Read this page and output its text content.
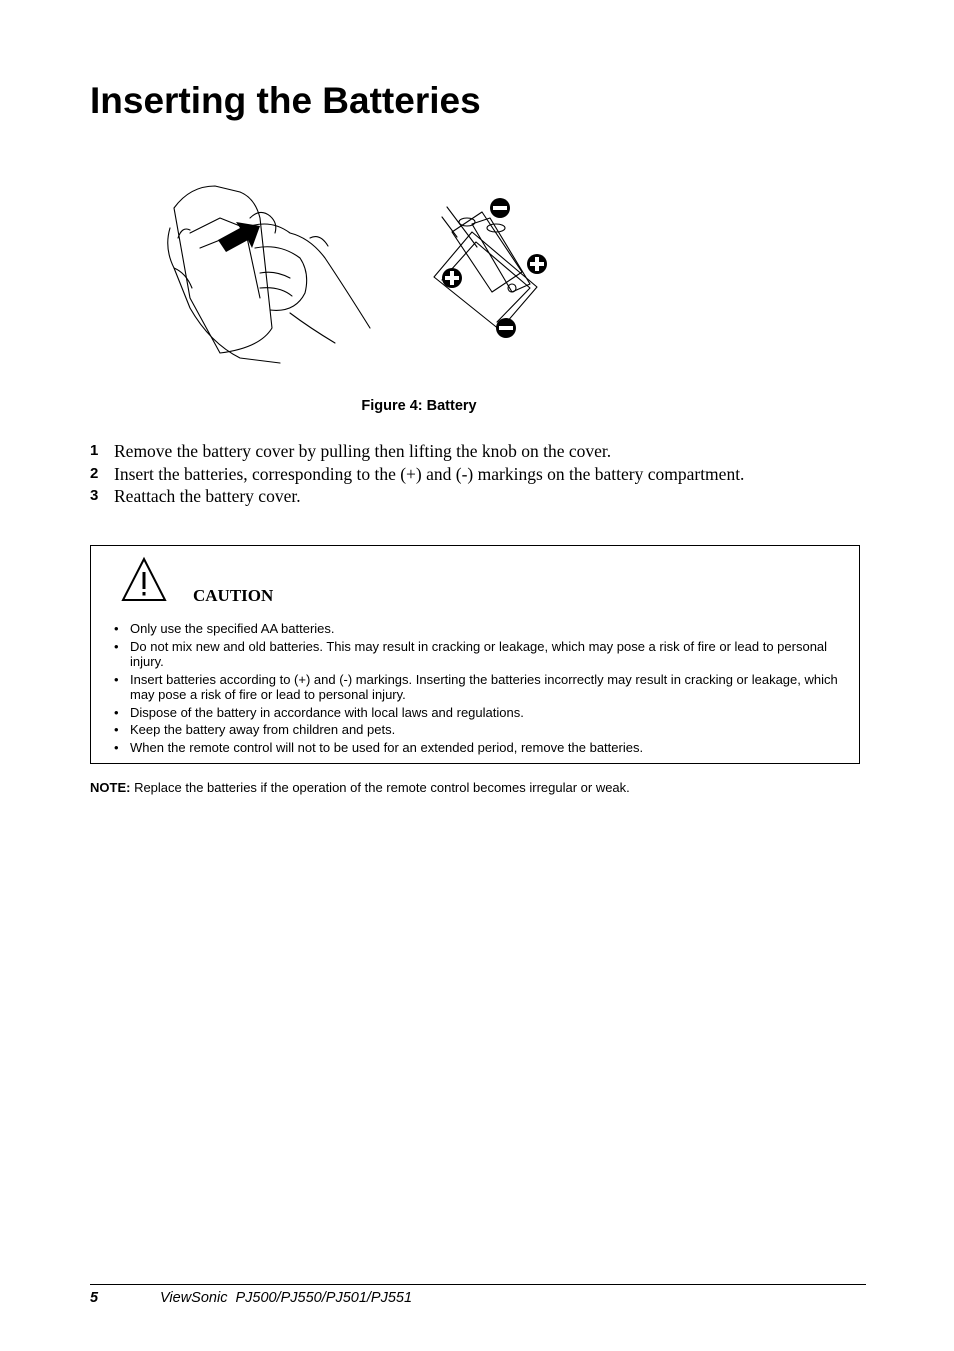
Inserting the Batteries
Figure 4: Battery
1 Remove the battery cover by pulling then lifting the knob on the cover.
2 Insert the batteries, corresponding to the (+) and (-) markings on the battery compartment.
3 Reattach the battery cover.
CAUTION
• Only use the specified AA batteries.
• Do not mix new and old batteries. This may result in cracking or leakage, which may pose a risk of fire or lead to personal injury.
• Insert batteries according to (+) and (-) markings. Inserting the batteries incorrectly may result in cracking or leakage, which may pose a risk of fire or lead to personal injury.
• Dispose of the battery in accordance with local laws and regulations.
• Keep the battery away from children and pets.
• When the remote control will not to be used for an extended period, remove the batteries.
NOTE: Replace the batteries if the operation of the remote control becomes irregular or weak.
5	ViewSonic  PJ500/PJ550/PJ501/PJ551
